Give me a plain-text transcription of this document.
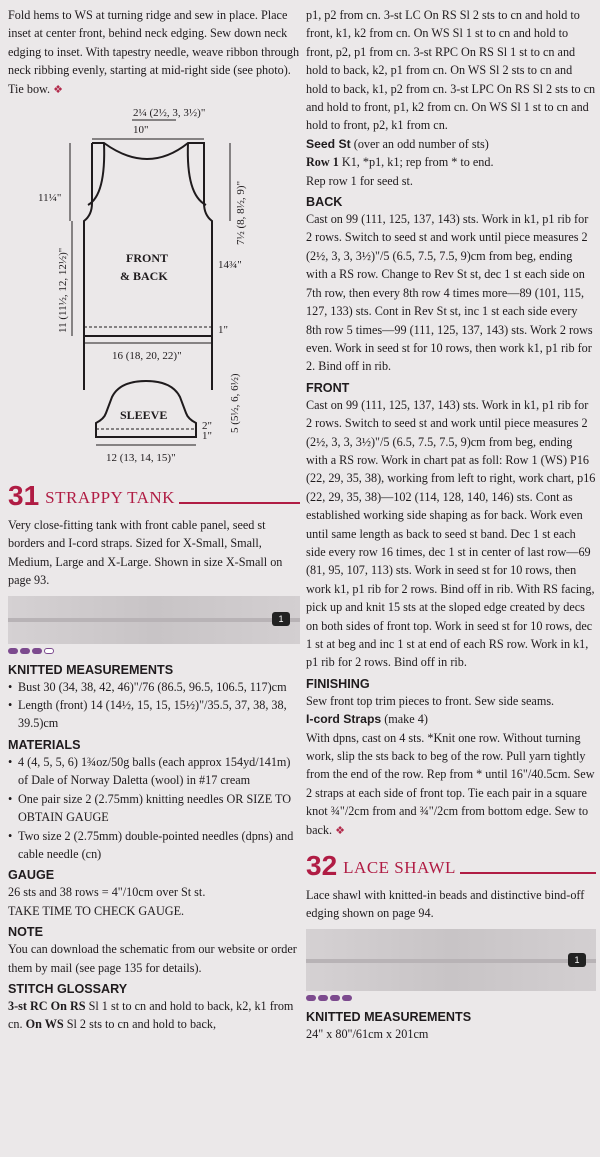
Fold hems to WS at turning ridge and sew in place. Place inset at center front, behind neck edging. Sew down neck edging to inset. With tapestry needle, weave ribbon through neck ribbing evenly, starting at mid-right side (see photo). Tie bow. ❖

2¼ (2½, 3, 3½)"
10"
11¼"	7½ (8, 8½, 9)"
FRONT
& BACK
11 (11½, 12, 12½)"	14¾"
1"
16 (18, 20, 22)"

SLEEVE	5 (5½, 6, 6½)"
2"
1"
12 (13, 14, 15)"
31 STRAPPY TANK

Very close-fitting tank with front cable panel, seed st borders and I-cord straps. Sized for X-Small, Small, Medium, Large and X-Large. Shown in size X-Small on page 93.

1
KNITTED MEASUREMENTS
• Bust 30 (34, 38, 42, 46)"/76 (86.5, 96.5, 106.5, 117)cm
• Length (front) 14 (14½, 15, 15, 15½)"/35.5, 37, 38, 38, 39.5)cm
MATERIALS
• 4 (4, 5, 5, 6) 1¾oz/50g balls (each approx 154yd/141m) of Dale of Norway Daletta (wool) in #17 cream
• One pair size 2 (2.75mm) knitting needles OR SIZE TO OBTAIN GAUGE
• Two size 2 (2.75mm) double-pointed needles (dpns) and cable needle (cn)
GAUGE

26 sts and 38 rows = 4"/10cm over St st.

TAKE TIME TO CHECK GAUGE.

NOTE

You can download the schematic from our website or order them by mail (see page 135 for details).

STITCH GLOSSARY

3-st RC On RS Sl 1 st to cn and hold to back, k2, k1 from cn. On WS Sl 2 sts to cn and hold to back,

p1, p2 from cn. 3-st LC On RS Sl 2 sts to cn and hold to front, k1, k2 from cn. On WS Sl 1 st to cn and hold to front, p2, p1 from cn. 3-st RPC On RS Sl 1 st to cn and hold to back, k2, p1 from cn. On WS Sl 2 sts to cn and hold to back, k1, p2 from cn. 3-st LPC On RS Sl 2 sts to cn and hold to front, p1, k2 from cn. On WS Sl 1 st to cn and hold to front, p2, k1 from cn.

Seed St (over an odd number of sts)

Row 1 K1, *p1, k1; rep from * to end.

Rep row 1 for seed st.

BACK

Cast on 99 (111, 125, 137, 143) sts. Work in k1, p1 rib for 2 rows. Switch to seed st and work until piece measures 2 (2½, 3, 3, 3½)"/5 (6.5, 7.5, 7.5, 9)cm from beg, ending with a RS row. Change to Rev St st, dec 1 st each side on 7th row, then every 8th row 4 times more—89 (101, 115, 127, 133) sts. Cont in Rev St st, inc 1 st each side every 8th row 5 times—99 (111, 125, 137, 143) sts. Work 2 rows even. Work in seed st for 10 rows, then work k1, p1 rib for 2. Bind off in rib.

FRONT

Cast on 99 (111, 125, 137, 143) sts. Work in k1, p1 rib for 2 rows. Switch to seed st and work until piece measures 2 (2½, 3, 3, 3½)"/5 (6.5, 7.5, 7.5, 9)cm from beg, ending with a RS row. Work in chart pat as foll: Row 1 (WS) P16 (22, 29, 35, 38), working from left to right, work chart, p16 (22, 29, 35, 38)—102 (114, 128, 140, 146) sts. Cont as established working side shaping as for back. Work even until same length as back to seed st band. Dec 1 st each side every row 16 times, dec 1 st in center of last row—69 (81, 95, 107, 113) sts. Work in seed st for 10 rows, then work k1, p1 rib for 2 rows. Bind off in rib. With RS facing, pick up and knit 15 sts at the sloped edge created by decs on both sides of front top. Work in seed st for 10 rows, dec 1 st at beg and inc 1 st at end of each RS row. Work in k1, p1 rib for 2 rows. Bind off in rib.

FINISHING

Sew front top trim pieces to front. Sew side seams.

I-cord Straps (make 4)

With dpns, cast on 4 sts. *Knit one row. Without turning work, slip the sts back to beg of the row. Pull yarn tightly from the end of the row. Rep from * until 16"/40.5cm. Sew 2 straps at each side of front top. Tie each pair in a square knot ¾"/2cm from and ¾"/2cm from bottom edge. Sew to back. ❖

32 LACE SHAWL

Lace shawl with knitted-in beads and distinctive bind-off edging shown on page 94.

1
KNITTED MEASUREMENTS

24" x 80"/61cm x 201cm
